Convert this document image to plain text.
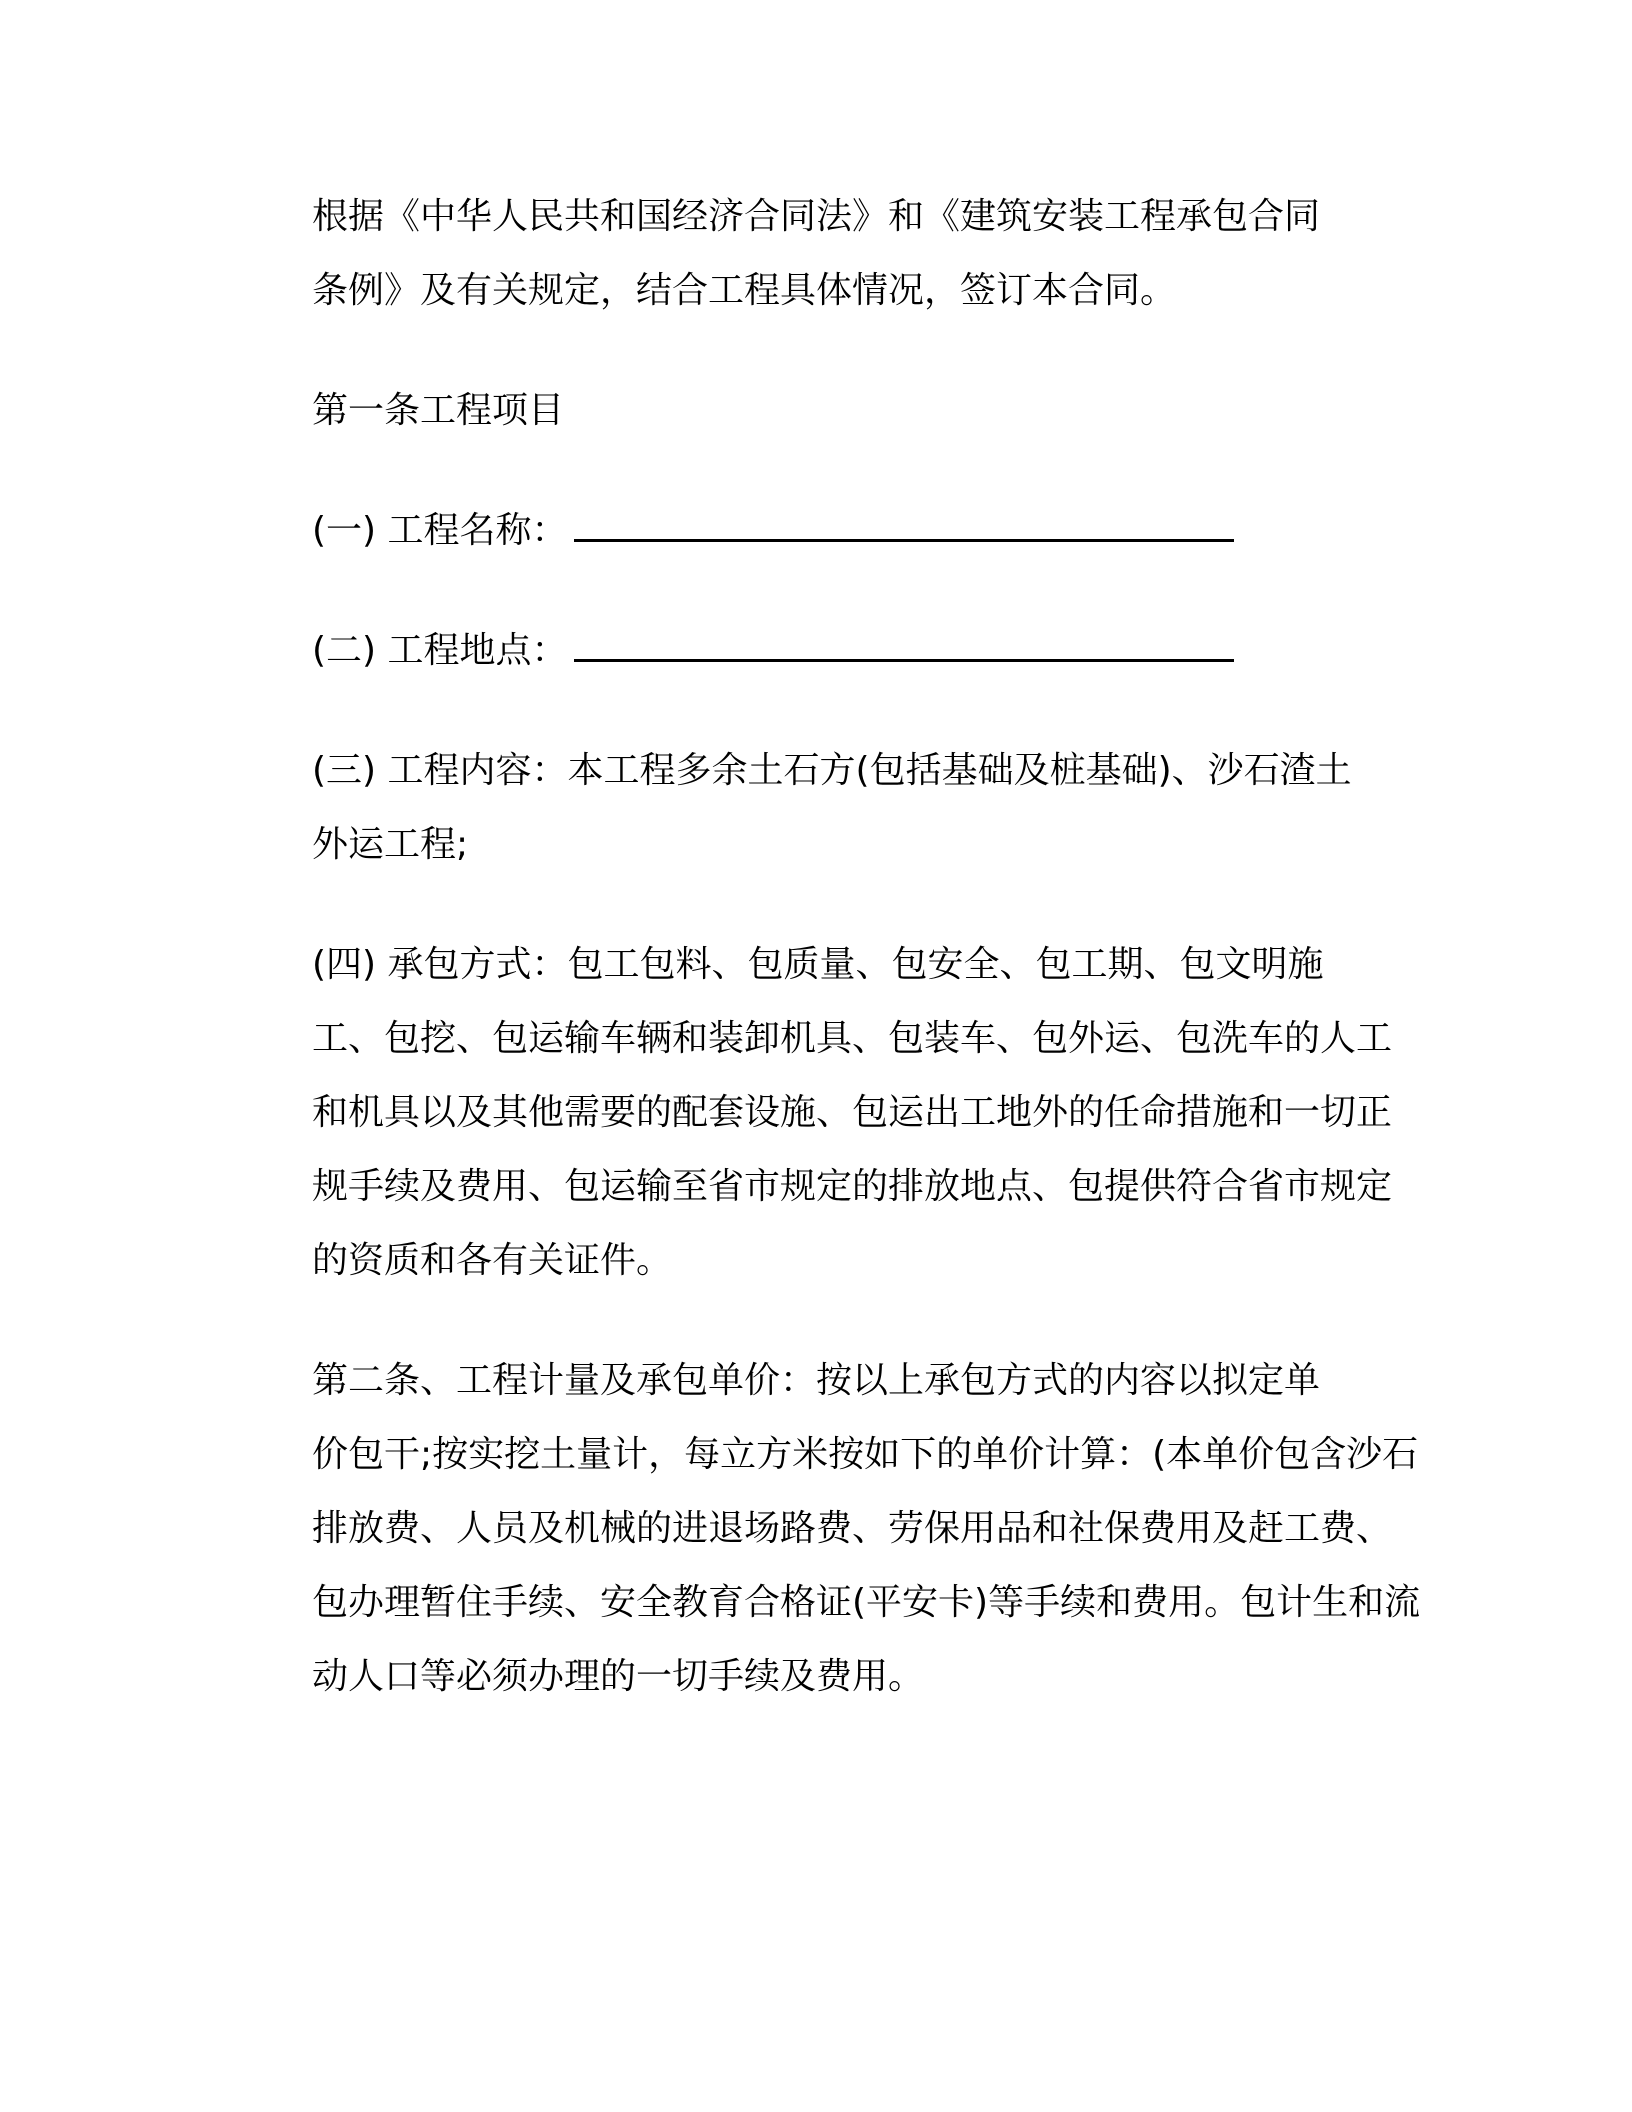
根据《中华人民共和国经济合同法》和《建筑安装工程承包合同
条例》及有关规定，结合工程具体情况，签订本合同。

第一条工程项目

(一) 工程名称：

(二) 工程地点：

(三) 工程内容：本工程多余土石方(包括基础及桩基础)、沙石渣土
外运工程;

(四) 承包方式：包工包料、包质量、包安全、包工期、包文明施
工、包挖、包运输车辆和装卸机具、包装车、包外运、包洗车的人工
和机具以及其他需要的配套设施、包运出工地外的任命措施和一切正
规手续及费用、包运输至省市规定的排放地点、包提供符合省市规定
的资质和各有关证件。

第二条、工程计量及承包单价：按以上承包方式的内容以拟定单
价包干;按实挖土量计，每立方米按如下的单价计算：(本单价包含沙石
排放费、人员及机械的进退场路费、劳保用品和社保费用及赶工费、
包办理暂住手续、安全教育合格证(平安卡)等手续和费用。包计生和流
动人口等必须办理的一切手续及费用。
